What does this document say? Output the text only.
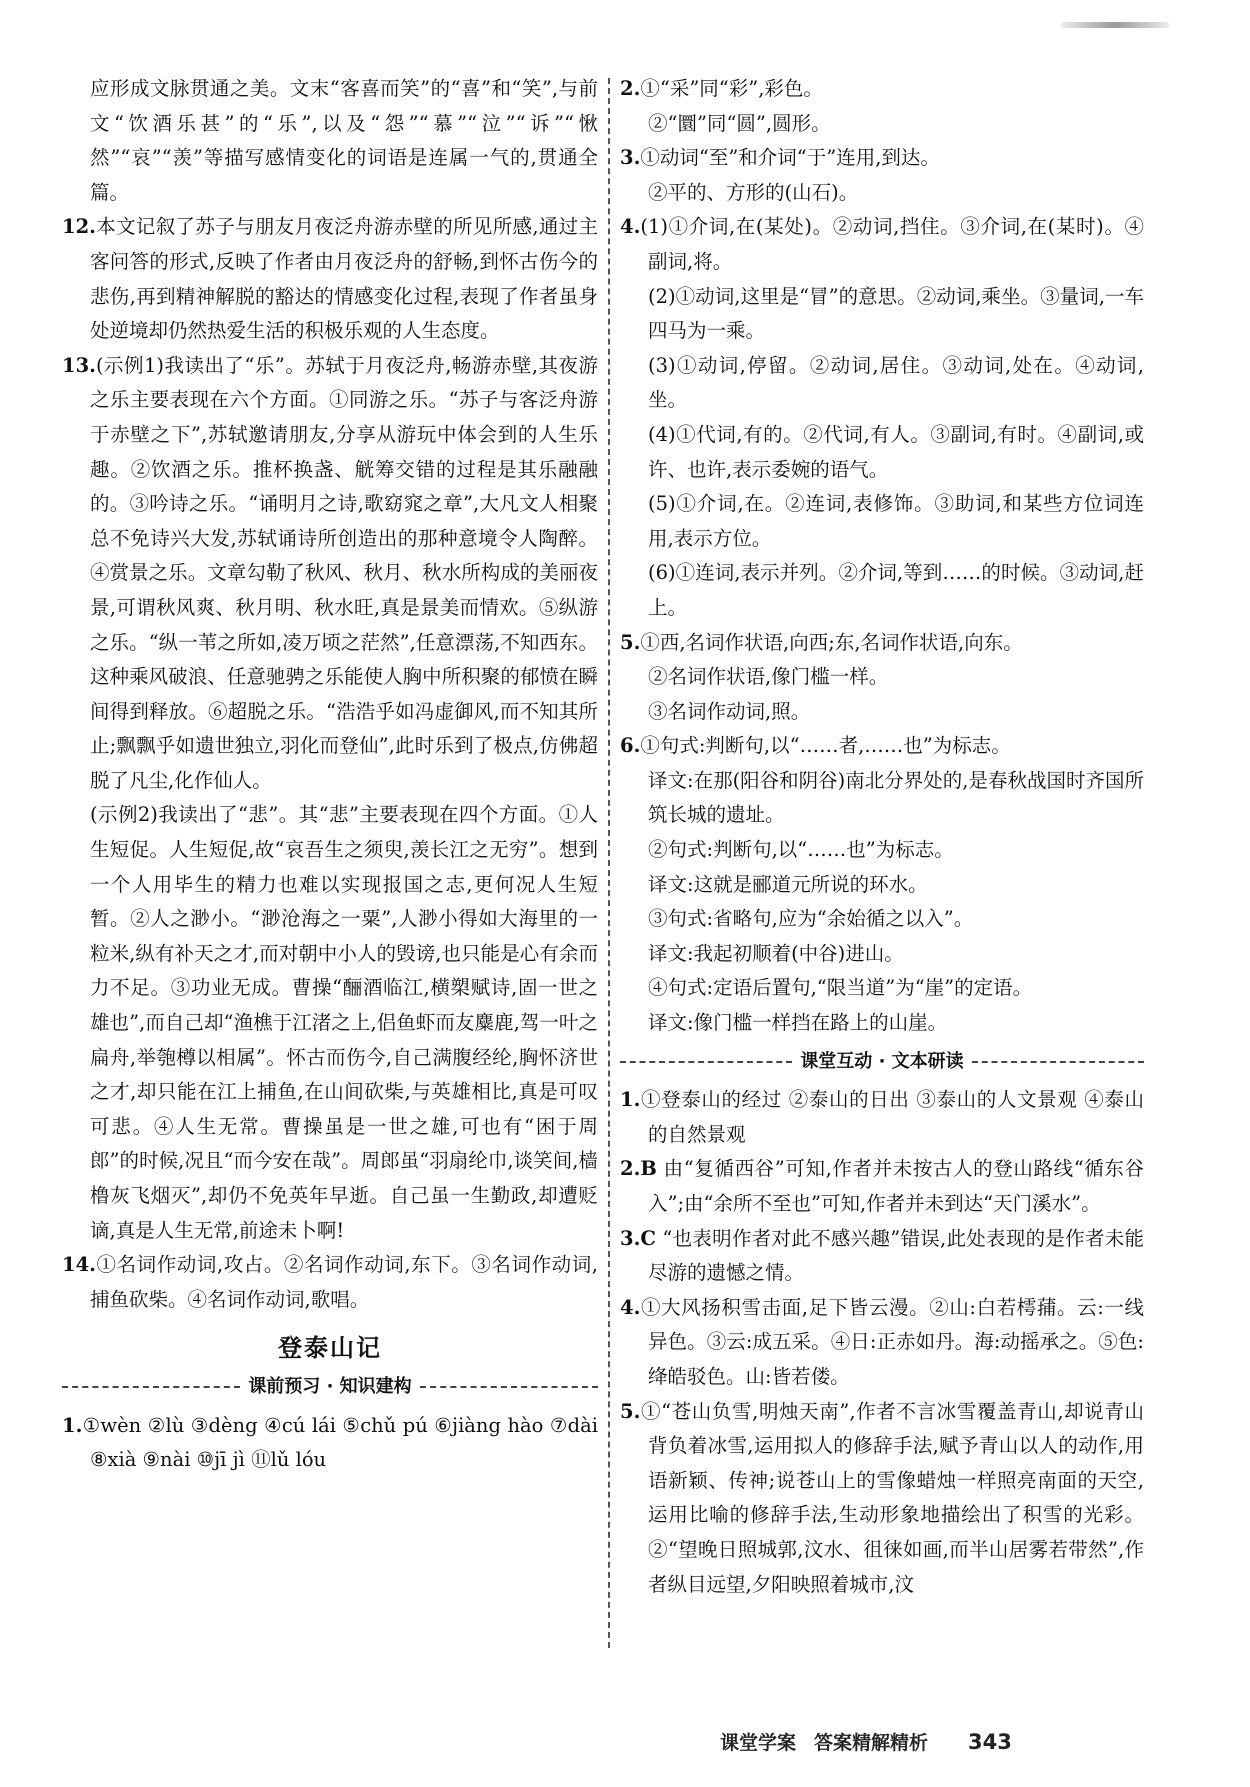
应形成文脉贯通之美。文末“客喜而笑”的“喜”和“笑”,与前文“饮酒乐甚”的“乐”,以及“怨”“慕”“泣”“诉”“愀然”“哀”“羡”等描写感情变化的词语是连属一气的,贯通全篇。

12.本文记叙了苏子与朋友月夜泛舟游赤壁的所见所感,通过主客问答的形式,反映了作者由月夜泛舟的舒畅,到怀古伤今的悲伤,再到精神解脱的豁达的情感变化过程,表现了作者虽身处逆境却仍然热爱生活的积极乐观的人生态度。

13.(示例1)我读出了“乐”。苏轼于月夜泛舟,畅游赤壁,其夜游之乐主要表现在六个方面。①同游之乐。“苏子与客泛舟游于赤壁之下”,苏轼邀请朋友,分享从游玩中体会到的人生乐趣。②饮酒之乐。推杯换盏、觥筹交错的过程是其乐融融的。③吟诗之乐。“诵明月之诗,歌窈窕之章”,大凡文人相聚总不免诗兴大发,苏轼诵诗所创造出的那种意境令人陶醉。④赏景之乐。文章勾勒了秋风、秋月、秋水所构成的美丽夜景,可谓秋风爽、秋月明、秋水旺,真是景美而情欢。⑤纵游之乐。“纵一苇之所如,凌万顷之茫然”,任意漂荡,不知西东。这种乘风破浪、任意驰骋之乐能使人胸中所积聚的郁愤在瞬间得到释放。⑥超脱之乐。“浩浩乎如冯虚御风,而不知其所止;飘飘乎如遗世独立,羽化而登仙”,此时乐到了极点,仿佛超脱了凡尘,化作仙人。

(示例2)我读出了“悲”。其“悲”主要表现在四个方面。①人生短促。人生短促,故“哀吾生之须臾,羡长江之无穷”。想到一个人用毕生的精力也难以实现报国之志,更何况人生短暂。②人之渺小。“渺沧海之一粟”,人渺小得如大海里的一粒米,纵有补天之才,而对朝中小人的毁谤,也只能是心有余而力不足。③功业无成。曹操“酾酒临江,横槊赋诗,固一世之雄也”,而自己却“渔樵于江渚之上,侣鱼虾而友麋鹿,驾一叶之扁舟,举匏樽以相属”。怀古而伤今,自己满腹经纶,胸怀济世之才,却只能在江上捕鱼,在山间砍柴,与英雄相比,真是可叹可悲。④人生无常。曹操虽是一世之雄,可也有“困于周郎”的时候,况且“而今安在哉”。周郎虽“羽扇纶巾,谈笑间,樯橹灰飞烟灭”,却仍不免英年早逝。自己虽一生勤政,却遭贬谪,真是人生无常,前途未卜啊!

14.①名词作动词,攻占。②名词作动词,东下。③名词作动词,捕鱼砍柴。④名词作动词,歌唱。

登泰山记
课前预习 · 知识建构

1.①wèn ②lù ③dèng ④cú lái ⑤chǔ pú ⑥jiàng hào ⑦dài ⑧xià ⑨nài ⑩jī jì ⑪lǔ lóu

2.①“采”同“彩”,彩色。

②“圜”同“圆”,圆形。

3.①动词“至”和介词“于”连用,到达。

②平的、方形的(山石)。

4.(1)①介词,在(某处)。②动词,挡住。③介词,在(某时)。④副词,将。

(2)①动词,这里是“冒”的意思。②动词,乘坐。③量词,一车四马为一乘。

(3)①动词,停留。②动词,居住。③动词,处在。④动词,坐。

(4)①代词,有的。②代词,有人。③副词,有时。④副词,或许、也许,表示委婉的语气。

(5)①介词,在。②连词,表修饰。③助词,和某些方位词连用,表示方位。

(6)①连词,表示并列。②介词,等到……的时候。③动词,赶上。

5.①西,名词作状语,向西;东,名词作状语,向东。

②名词作状语,像门槛一样。

③名词作动词,照。

6.①句式:判断句,以“……者,……也”为标志。

译文:在那(阳谷和阴谷)南北分界处的,是春秋战国时齐国所筑长城的遗址。

②句式:判断句,以“……也”为标志。

译文:这就是郦道元所说的环水。

③句式:省略句,应为“余始循之以入”。

译文:我起初顺着(中谷)进山。

④句式:定语后置句,“限当道”为“崖”的定语。

译文:像门槛一样挡在路上的山崖。

课堂互动 · 文本研读

1.①登泰山的经过 ②泰山的日出 ③泰山的人文景观 ④泰山的自然景观

2.B 由“复循西谷”可知,作者并未按古人的登山路线“循东谷入”;由“余所不至也”可知,作者并未到达“天门溪水”。

3.C “也表明作者对此不感兴趣”错误,此处表现的是作者未能尽游的遗憾之情。

4.①大风扬积雪击面,足下皆云漫。②山:白若樗蒱。云:一线异色。③云:成五采。④日:正赤如丹。海:动摇承之。⑤色:绛皓驳色。山:皆若偻。

5.①“苍山负雪,明烛天南”,作者不言冰雪覆盖青山,却说青山背负着冰雪,运用拟人的修辞手法,赋予青山以人的动作,用语新颖、传神;说苍山上的雪像蜡烛一样照亮南面的天空,运用比喻的修辞手法,生动形象地描绘出了积雪的光彩。②“望晚日照城郭,汶水、徂徕如画,而半山居雾若带然”,作者纵目远望,夕阳映照着城市,汶

课堂学案 答案精解精析 343
